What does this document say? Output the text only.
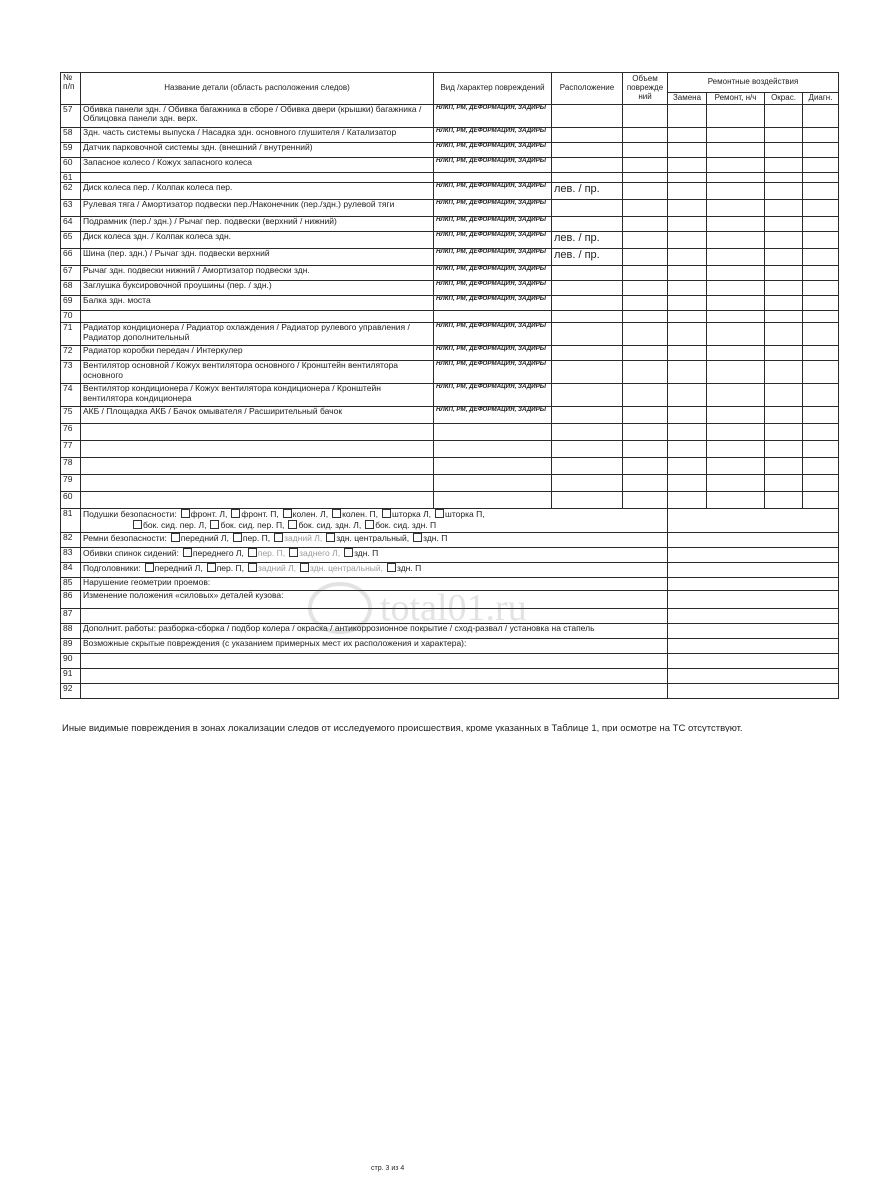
№ п/п	Название детали (область расположения следов)	Вид /характер повреждений	Расположение	Объем поврежде ний	Ремонтные воздействия			
					Замена	Ремонт, н/ч	Окрас.	Диагн.
57	Обивка панели здн. / Обивка багажника в сборе / Обивка двери (крышки) багажника / Облицовка панели здн. верх.	НЛКП, РМ, ДЕФОРМАЦИЯ, ЗАДИРЫ						
58	Здн. часть системы выпуска / Насадка здн. основного глушителя / Катализатор	НЛКП, РМ, ДЕФОРМАЦИЯ, ЗАДИРЫ						
59	Датчик парковочной системы здн. (внешний / внутренний)	НЛКП, РМ, ДЕФОРМАЦИЯ, ЗАДИРЫ						
60	Запасное колесо / Кожух запасного колеса	НЛКП, РМ, ДЕФОРМАЦИЯ, ЗАДИРЫ						
61								
62	Диск колеса пер. / Колпак колеса пер.	НЛКП, РМ, ДЕФОРМАЦИЯ, ЗАДИРЫ	лев. / пр.					
63	Рулевая тяга / Амортизатор подвески пер./Наконечник (пер./здн.) рулевой тяги	НЛКП, РМ, ДЕФОРМАЦИЯ, ЗАДИРЫ						
64	Подрамник (пер./ здн.) / Рычаг пер. подвески (верхний / нижний)	НЛКП, РМ, ДЕФОРМАЦИЯ, ЗАДИРЫ						
65	Диск колеса здн. / Колпак колеса здн.	НЛКП, РМ, ДЕФОРМАЦИЯ, ЗАДИРЫ	лев. / пр.					
66	Шина (пер. здн.) / Рычаг здн. подвески верхний	НЛКП, РМ, ДЕФОРМАЦИЯ, ЗАДИРЫ	лев. / пр.					
67	Рычаг здн. подвески нижний / Амортизатор подвески здн.	НЛКП, РМ, ДЕФОРМАЦИЯ, ЗАДИРЫ						
68	Заглушка буксировочной проушины (пер. / здн.)	НЛКП, РМ, ДЕФОРМАЦИЯ, ЗАДИРЫ						
69	Балка здн. моста	НЛКП, РМ, ДЕФОРМАЦИЯ, ЗАДИРЫ						
70								
71	Радиатор кондиционера / Радиатор охлаждения / Радиатор рулевого управления / Радиатор дополнительный	НЛКП, РМ, ДЕФОРМАЦИЯ, ЗАДИРЫ						
72	Радиатор коробки передач / Интеркулер	НЛКП, РМ, ДЕФОРМАЦИЯ, ЗАДИРЫ						
73	Вентилятор основной / Кожух вентилятора основного / Кронштейн вентилятора основного	НЛКП, РМ, ДЕФОРМАЦИЯ, ЗАДИРЫ						
74	Вентилятор кондиционера / Кожух вентилятора кондиционера / Кронштейн вентилятора кондиционера	НЛКП, РМ, ДЕФОРМАЦИЯ, ЗАДИРЫ						
75	АКБ / Площадка АКБ / Бачок омывателя / Расширительный бачок	НЛКП, РМ, ДЕФОРМАЦИЯ, ЗАДИРЫ						
76								
77								
78								
79								
60								
81	Подушки безопасности: фронт. Л, фронт. П, колен. Л, колен. П, шторка Л, шторка П,
бок. сид. пер. Л, бок. сид. пер. П, бок. сид. здн. Л, бок. сид. здн. П							
82	Ремни безопасности: передний Л, пер. П, задний Л, здн. центральный, здн. П							
83	Обивки спинок сидений: переднего Л, пер. П, заднего Л, здн. П							
84	Подголовники: передний Л, пер. П, задний Л, здн. центральный, здн. П							
85	Нарушение геометрии проемов:							
86	Изменение положения «силовых» деталей кузова:							
87								
88	Дополнит. работы: разборка-сборка / подбор колера / окраска / антикоррозионное покрытие / сход-развал / установка на стапель							
89	Возможные скрытые повреждения (с указанием примерных мест их расположения и характера):							
90								
91								
92								
total01.ru
Иные видимые повреждения в зонах локализации следов от исследуемого происшествия, кроме указанных в Таблице 1, при осмотре на ТС отсутствуют.
стр. 3 из 4
